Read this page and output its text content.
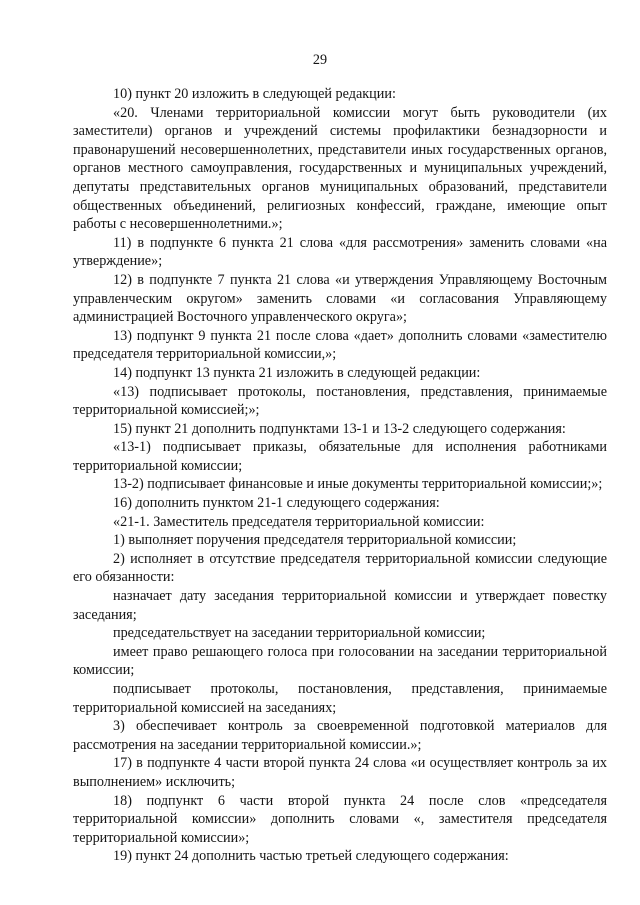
29

10) пункт 20 изложить в следующей редакции:

«20. Членами территориальной комиссии могут быть руководители (их заместители) органов и учреждений системы профилактики безнадзорности и правонарушений несовершеннолетних, представители иных государственных органов, органов местного самоуправления, государственных и муниципальных учреждений, депутаты представительных органов муниципальных образований, представители общественных объединений, религиозных конфессий, граждане, имеющие опыт работы с несовершеннолетними.»;

11) в подпункте 6 пункта 21 слова «для рассмотрения» заменить словами «на утверждение»;

12) в подпункте 7 пункта 21 слова «и утверждения Управляющему Восточным управленческим округом» заменить словами «и согласования Управляющему администрацией Восточного управленческого округа»;

13) подпункт 9 пункта 21 после слова «дает» дополнить словами «заместителю председателя территориальной комиссии,»;

14) подпункт 13 пункта 21 изложить в следующей редакции:

«13) подписывает протоколы, постановления, представления, принимаемые территориальной комиссией;»;

15) пункт 21 дополнить подпунктами 13-1 и 13-2 следующего содержания:

«13-1) подписывает приказы, обязательные для исполнения работниками территориальной комиссии;

13-2) подписывает финансовые и иные документы территориальной комиссии;»;

16) дополнить пунктом 21-1 следующего содержания:

«21-1. Заместитель председателя территориальной комиссии:

1) выполняет поручения председателя территориальной комиссии;

2) исполняет в отсутствие председателя территориальной комиссии следующие его обязанности:

назначает дату заседания территориальной комиссии и утверждает повестку заседания;

председательствует на заседании территориальной комиссии;

имеет право решающего голоса при голосовании на заседании территориальной комиссии;

подписывает протоколы, постановления, представления, принимаемые территориальной комиссией на заседаниях;

3) обеспечивает контроль за своевременной подготовкой материалов для рассмотрения на заседании территориальной комиссии.»;

17) в подпункте 4 части второй пункта 24 слова «и осуществляет контроль за их выполнением» исключить;

18) подпункт 6 части второй пункта 24 после слов «председателя территориальной комиссии» дополнить словами «, заместителя председателя территориальной комиссии»;

19) пункт 24 дополнить частью третьей следующего содержания:
